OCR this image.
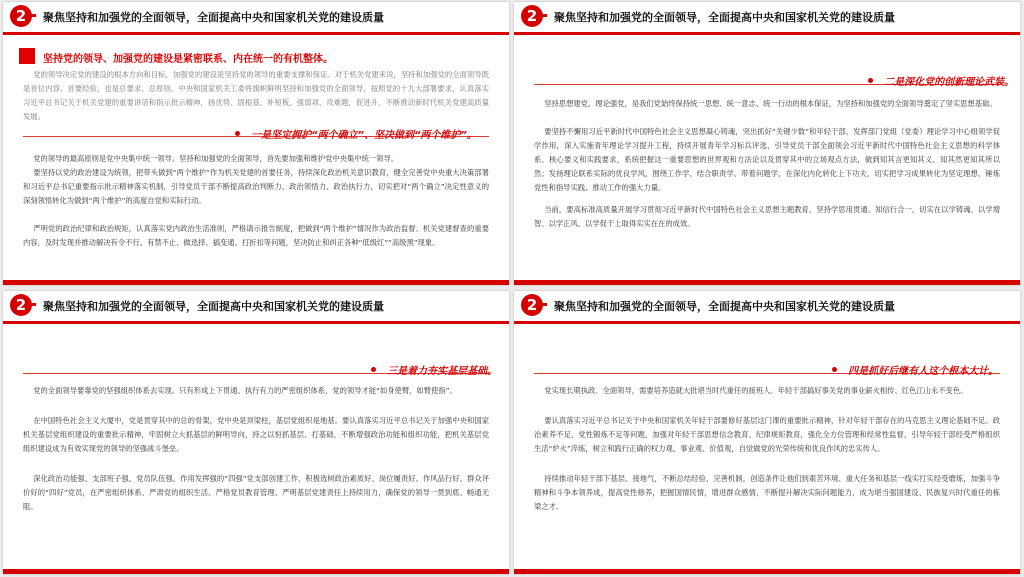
2	聚焦坚持和加强党的全面领导，全面提高中央和国家机关党的建设质量
坚持党的领导、加强党的建设是紧密联系、内在统一的有机整体。

党的领导决定党的建设的根本方向和目标，加强党的建设是坚持党的领导的重要支撑和保证。对于机关党建来说，坚持和加强党的全面领导既是首位内容、首要经验，也是总要求、总原则。中央和国家机关工委将旗帜鲜明坚持和加强党的全面领导，按照党的十九大部署要求，认真落实习近平总书记关于机关党建的重要讲话和指示批示精神，扬优势、固根基、补短板、强弱项、攻难题，促进升、不断推动新时代机关党建高质量发展。

一是坚定拥护“两个确立”、坚决做到“两个维护”。

党的领导的最高原则是党中央集中统一领导。坚持和加强党的全面领导，首先要加强和维护党中央集中统一领导。

要坚持以党的政治建设为统领，把带头做到“两个维护”作为机关党建的首要任务，持续深化政治机关意识教育，健全完善党中央重大决策部署和习近平总书记重要指示批示精神落实机制，引导党员干部不断提高政治判断力、政治领悟力、政治执行力，切实把对“两个确立”决定性意义的深刻领悟转化为做到“两个维护”的高度自觉和实际行动。

严明党的政治纪律和政治规矩，认真落实党内政治生活准则，严格请示报告制度，把做到“两个维护”情况作为政治监督、机关党建督查的重要内容，及时发现并推动解决有令不行、有禁不止、做选择、搞变通、打折扣等问题，坚决防止和纠正各种“低级红”“高级黑”现象。

2	聚焦坚持和加强党的全面领导，全面提高中央和国家机关党的建设质量
二是深化党的创新理论武装。

坚持思想建党、理论强党，是我们党始终保持统一思想、统一意志、统一行动的根本保证，为坚持和加强党的全面领导奠定了坚实思想基础。

要坚持不懈用习近平新时代中国特色社会主义思想凝心铸魂，突出抓好“关键少数”和年轻干部、发挥部门党组（党委）理论学习中心组领学促学作用，深入实施青年理论学习提升工程，持续开展青年学习标兵评选，引导党员干部全面领会习近平新时代中国特色社会主义思想的科学体系、核心要义和实践要求，系统把握这一重要思想的世界观和方法论以及贯穿其中的立场观点方法，做到知其言更知其义、知其然更知其所以然；发扬理论联系实际的优良学风，围绕工作学、结合职责学、带着问题学，在深化内化转化上下功夫，切实把学习成果转化为坚定理想、锤炼党性和指导实践、推动工作的强大力量。

当前，要高标准高质量开展学习贯彻习近平新时代中国特色社会主义思想主题教育，坚持学思用贯通、知信行合一，切实在以学铸魂、以学增智、以学正风、以学促干上取得实实在在的成效。

2	聚焦坚持和加强党的全面领导，全面提高中央和国家机关党的建设质量
三是着力夯实基层基础。

党的全面领导要靠党的坚强组织体系去实现。只有形成上下贯通、执行有力的严密组织体系，党的领导才能“如身使臂，如臂使指”。

在中国特色社会主义大厦中，党是贯穿其中的总的骨架，党中央是顶梁柱，基层党组织是地基。要认真落实习近平总书记关于加强中央和国家机关基层党组织建设的重要批示精神，牢固树立大抓基层的鲜明导向，持之以恒抓基层、打基础，不断增强政治功能和组织功能，把机关基层党组织建设成为有效实现党的领导的坚强战斗堡垒。

深化政治功能强、支部班子强、党员队伍强、作用发挥强的“四强”党支部创建工作，积极选树政治素质好、岗位履责好、作风品行好、群众评价好的“四好”党员，在严密组织体系、严肃党的组织生活、严格党员教育管理、严明基层党建责任上持续用力，确保党的领导一贯到底、畅通无阻。

2	聚焦坚持和加强党的全面领导，全面提高中央和国家机关党的建设质量
四是抓好后继有人这个根本大计。

党实现长期执政、全面领导，需要培养造就大批堪当时代重任的接班人。年轻干部搞好事关党的事业薪火相传、红色江山永不变色。

要认真落实习近平总书记关于中央和国家机关年轻干部要修好基层这门课的重要批示精神，针对年轻干部存在的马克思主义理论基础不足、政治素养不足、党性锻炼不足等问题，加强对年轻干部思想信念教育、纪律规矩教育，强化全方位管理和经常性监督，引导年轻干部经受严格组织生活“炉火”淬炼，树立和践行正确的权力观、事业观、价值观，自觉做党的光荣传统和优良作风的忠实传人。

持续推动年轻干部下基层、接地气，不断总结经验、完善机制，创造条件让他们到艰苦环境、重大任务和基层一线实打实经受磨炼，加强斗争精神和斗争本领养成，提高党性修养，把握国情民情，增进群众感情，不断提升解决实际问题能力，成为堪当强国建设、民族复兴时代重任的栋梁之才。
